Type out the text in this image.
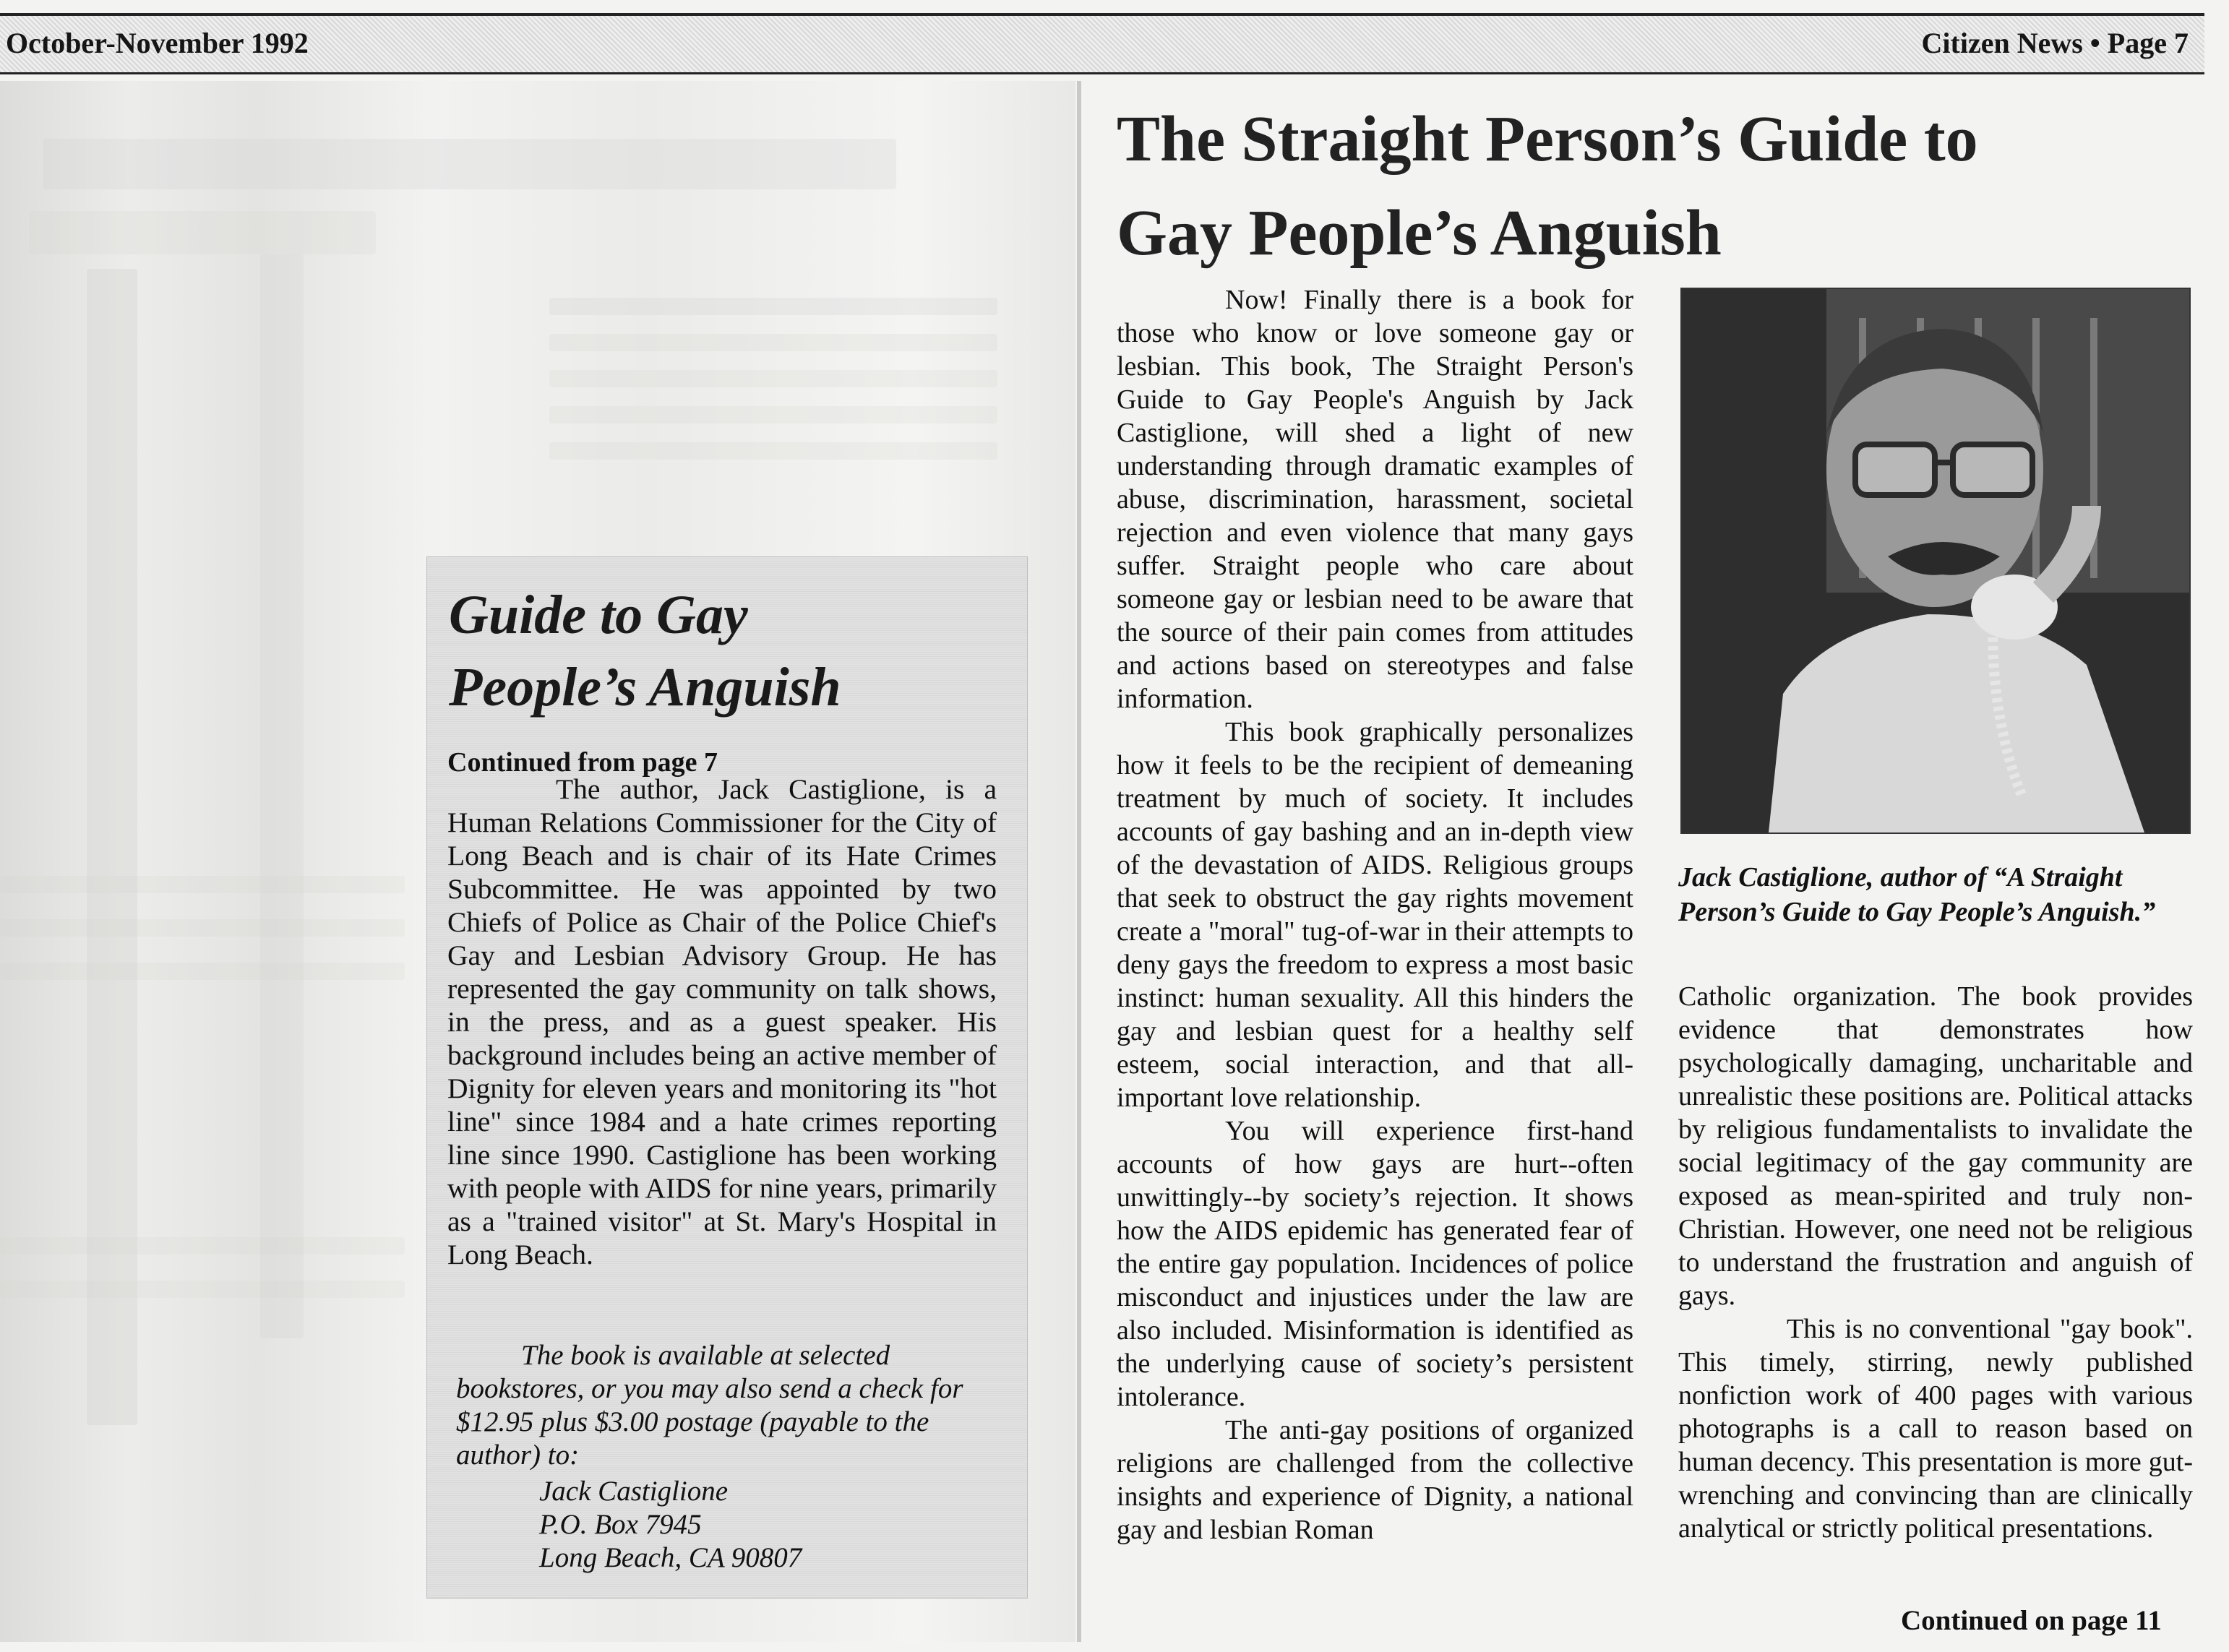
October-November 1992	Citizen News • Page 7
Guide to Gay
People’s Anguish
Continued from page 7

The author, Jack Castiglione, is a Human Relations Commissioner for the City of Long Beach and is chair of its Hate Crimes Subcommittee. He was appointed by two Chiefs of Police as Chair of the Police Chief's Gay and Lesbian Advisory Group. He has represented the gay community on talk shows, in the press, and as a guest speaker. His background includes being an active member of Dignity for eleven years and monitoring its "hot line" since 1984 and a hate crimes reporting line since 1990. Castiglione has been working with people with AIDS for nine years, primarily as a "trained visitor" at St. Mary's Hospital in Long Beach.

The book is available at selected bookstores, or you may also send a check for $12.95 plus $3.00 postage (payable to the author) to:

Jack Castiglione
P.O. Box 7945
Long Beach, CA 90807
The Straight Person’s Guide to
Gay People’s Anguish

Now! Finally there is a book for those who know or love someone gay or lesbian. This book, The Straight Person's Guide to Gay People's Anguish by Jack Castiglione, will shed a light of new understanding through dramatic examples of abuse, discrimination, harassment, societal rejection and even violence that many gays suffer. Straight people who care about someone gay or lesbian need to be aware that the source of their pain comes from attitudes and actions based on stereotypes and false information.

This book graphically personalizes how it feels to be the recipient of demeaning treatment by much of society. It includes accounts of gay bashing and an in-depth view of the devastation of AIDS. Religious groups that seek to obstruct the gay rights movement create a "moral" tug-of-war in their attempts to deny gays the freedom to express a most basic instinct: human sexuality. All this hinders the gay and lesbian quest for a healthy self esteem, social interaction, and that all-important love relationship.

You will experience first-hand accounts of how gays are hurt--often unwittingly--by society’s rejection. It shows how the AIDS epidemic has generated fear of the entire gay population. Incidences of police misconduct and injustices under the law are also included. Misinformation is identified as the underlying cause of society’s persistent intolerance.

The anti-gay positions of organized religions are challenged from the collective insights and experience of Dignity, a national gay and lesbian Roman

Jack Castiglione, author of “A Straight Person’s Guide to Gay People’s Anguish.”

Catholic organization. The book provides evidence that demonstrates how psychologically damaging, uncharitable and unrealistic these positions are. Political attacks by religious fundamentalists to invalidate the social legitimacy of the gay community are exposed as mean-spirited and truly non-Christian. However, one need not be religious to understand the frustration and anguish of gays.

This is no conventional "gay book". This timely, stirring, newly published nonfiction work of 400 pages with various photographs is a call to reason based on human decency. This presentation is more gut-wrenching and convincing than are clinically analytical or strictly political presentations.

Continued on page 11
